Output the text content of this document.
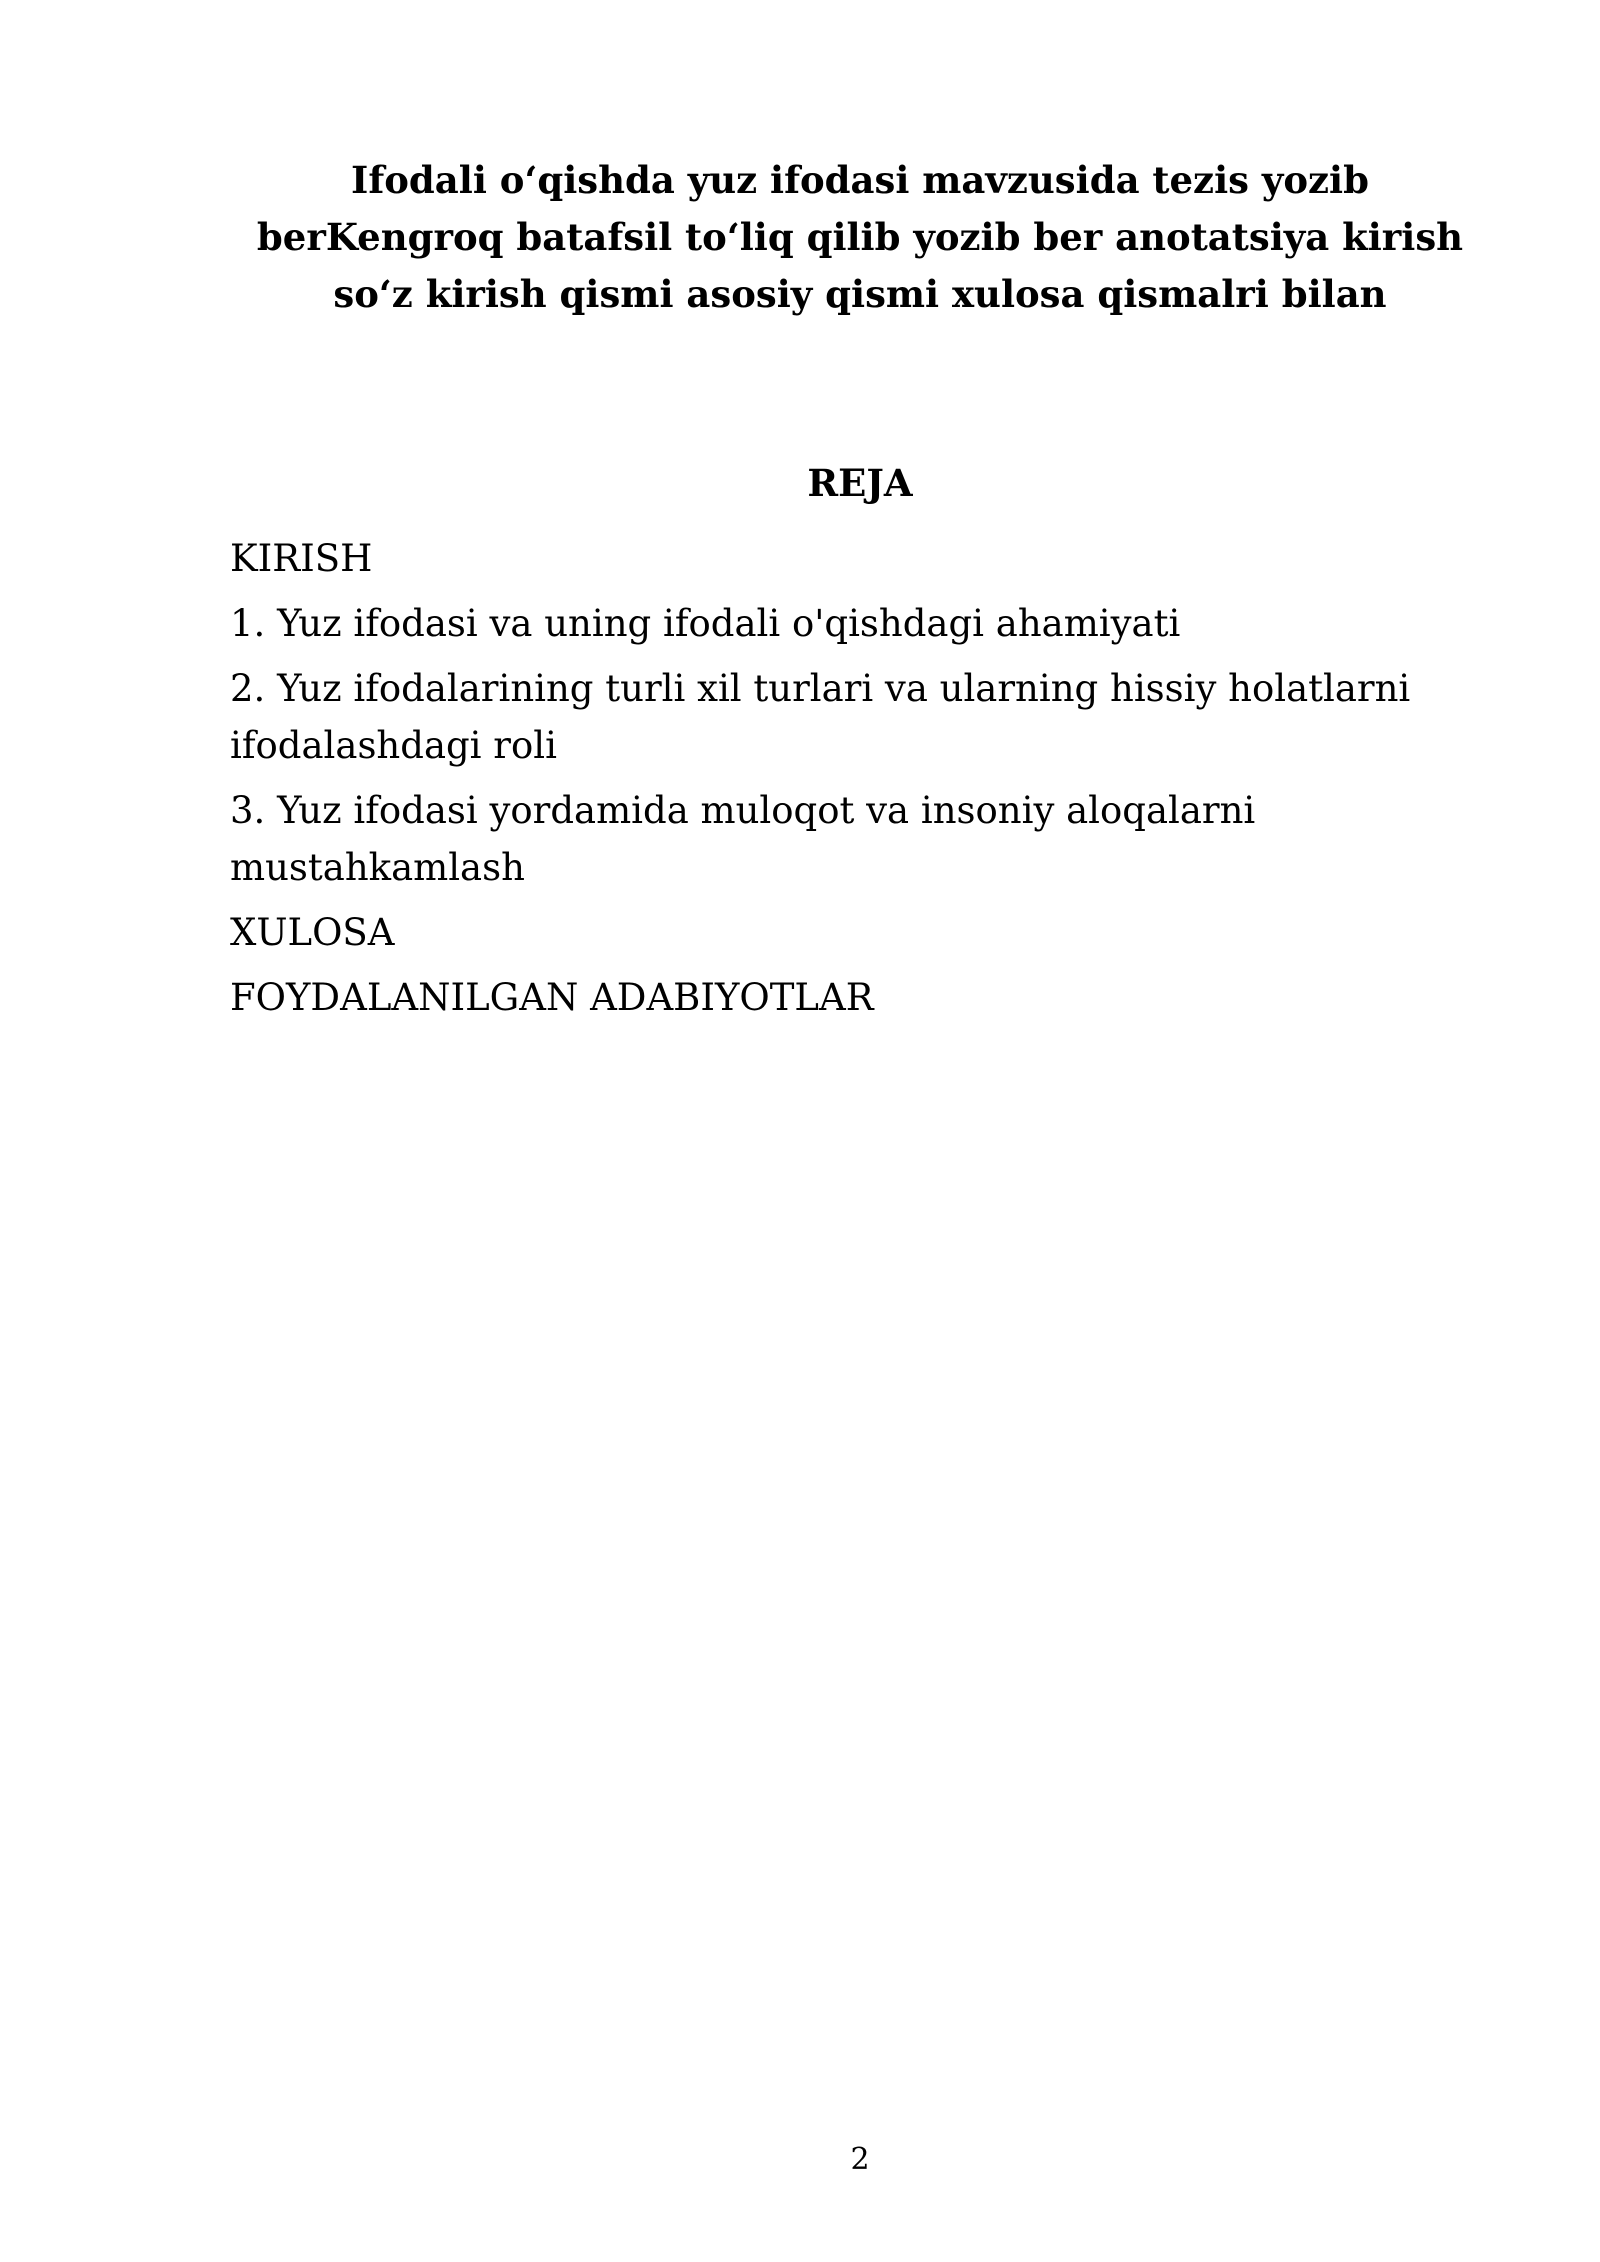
Ifodali o‘qishda yuz ifodasi mavzusida tezis yozib
berKengroq batafsil to‘liq qilib yozib ber anotatsiya kirish
so‘z kirish qismi asosiy qismi xulosa qismalri bilan
REJA
KIRISH
1. Yuz ifodasi va uning ifodali o'qishdagi ahamiyati
2. Yuz ifodalarining turli xil turlari va ularning hissiy holatlarni
ifodalashdagi roli
3. Yuz ifodasi yordamida muloqot va insoniy aloqalarni
mustahkamlash
XULOSA
FOYDALANILGAN ADABIYOTLAR
2
